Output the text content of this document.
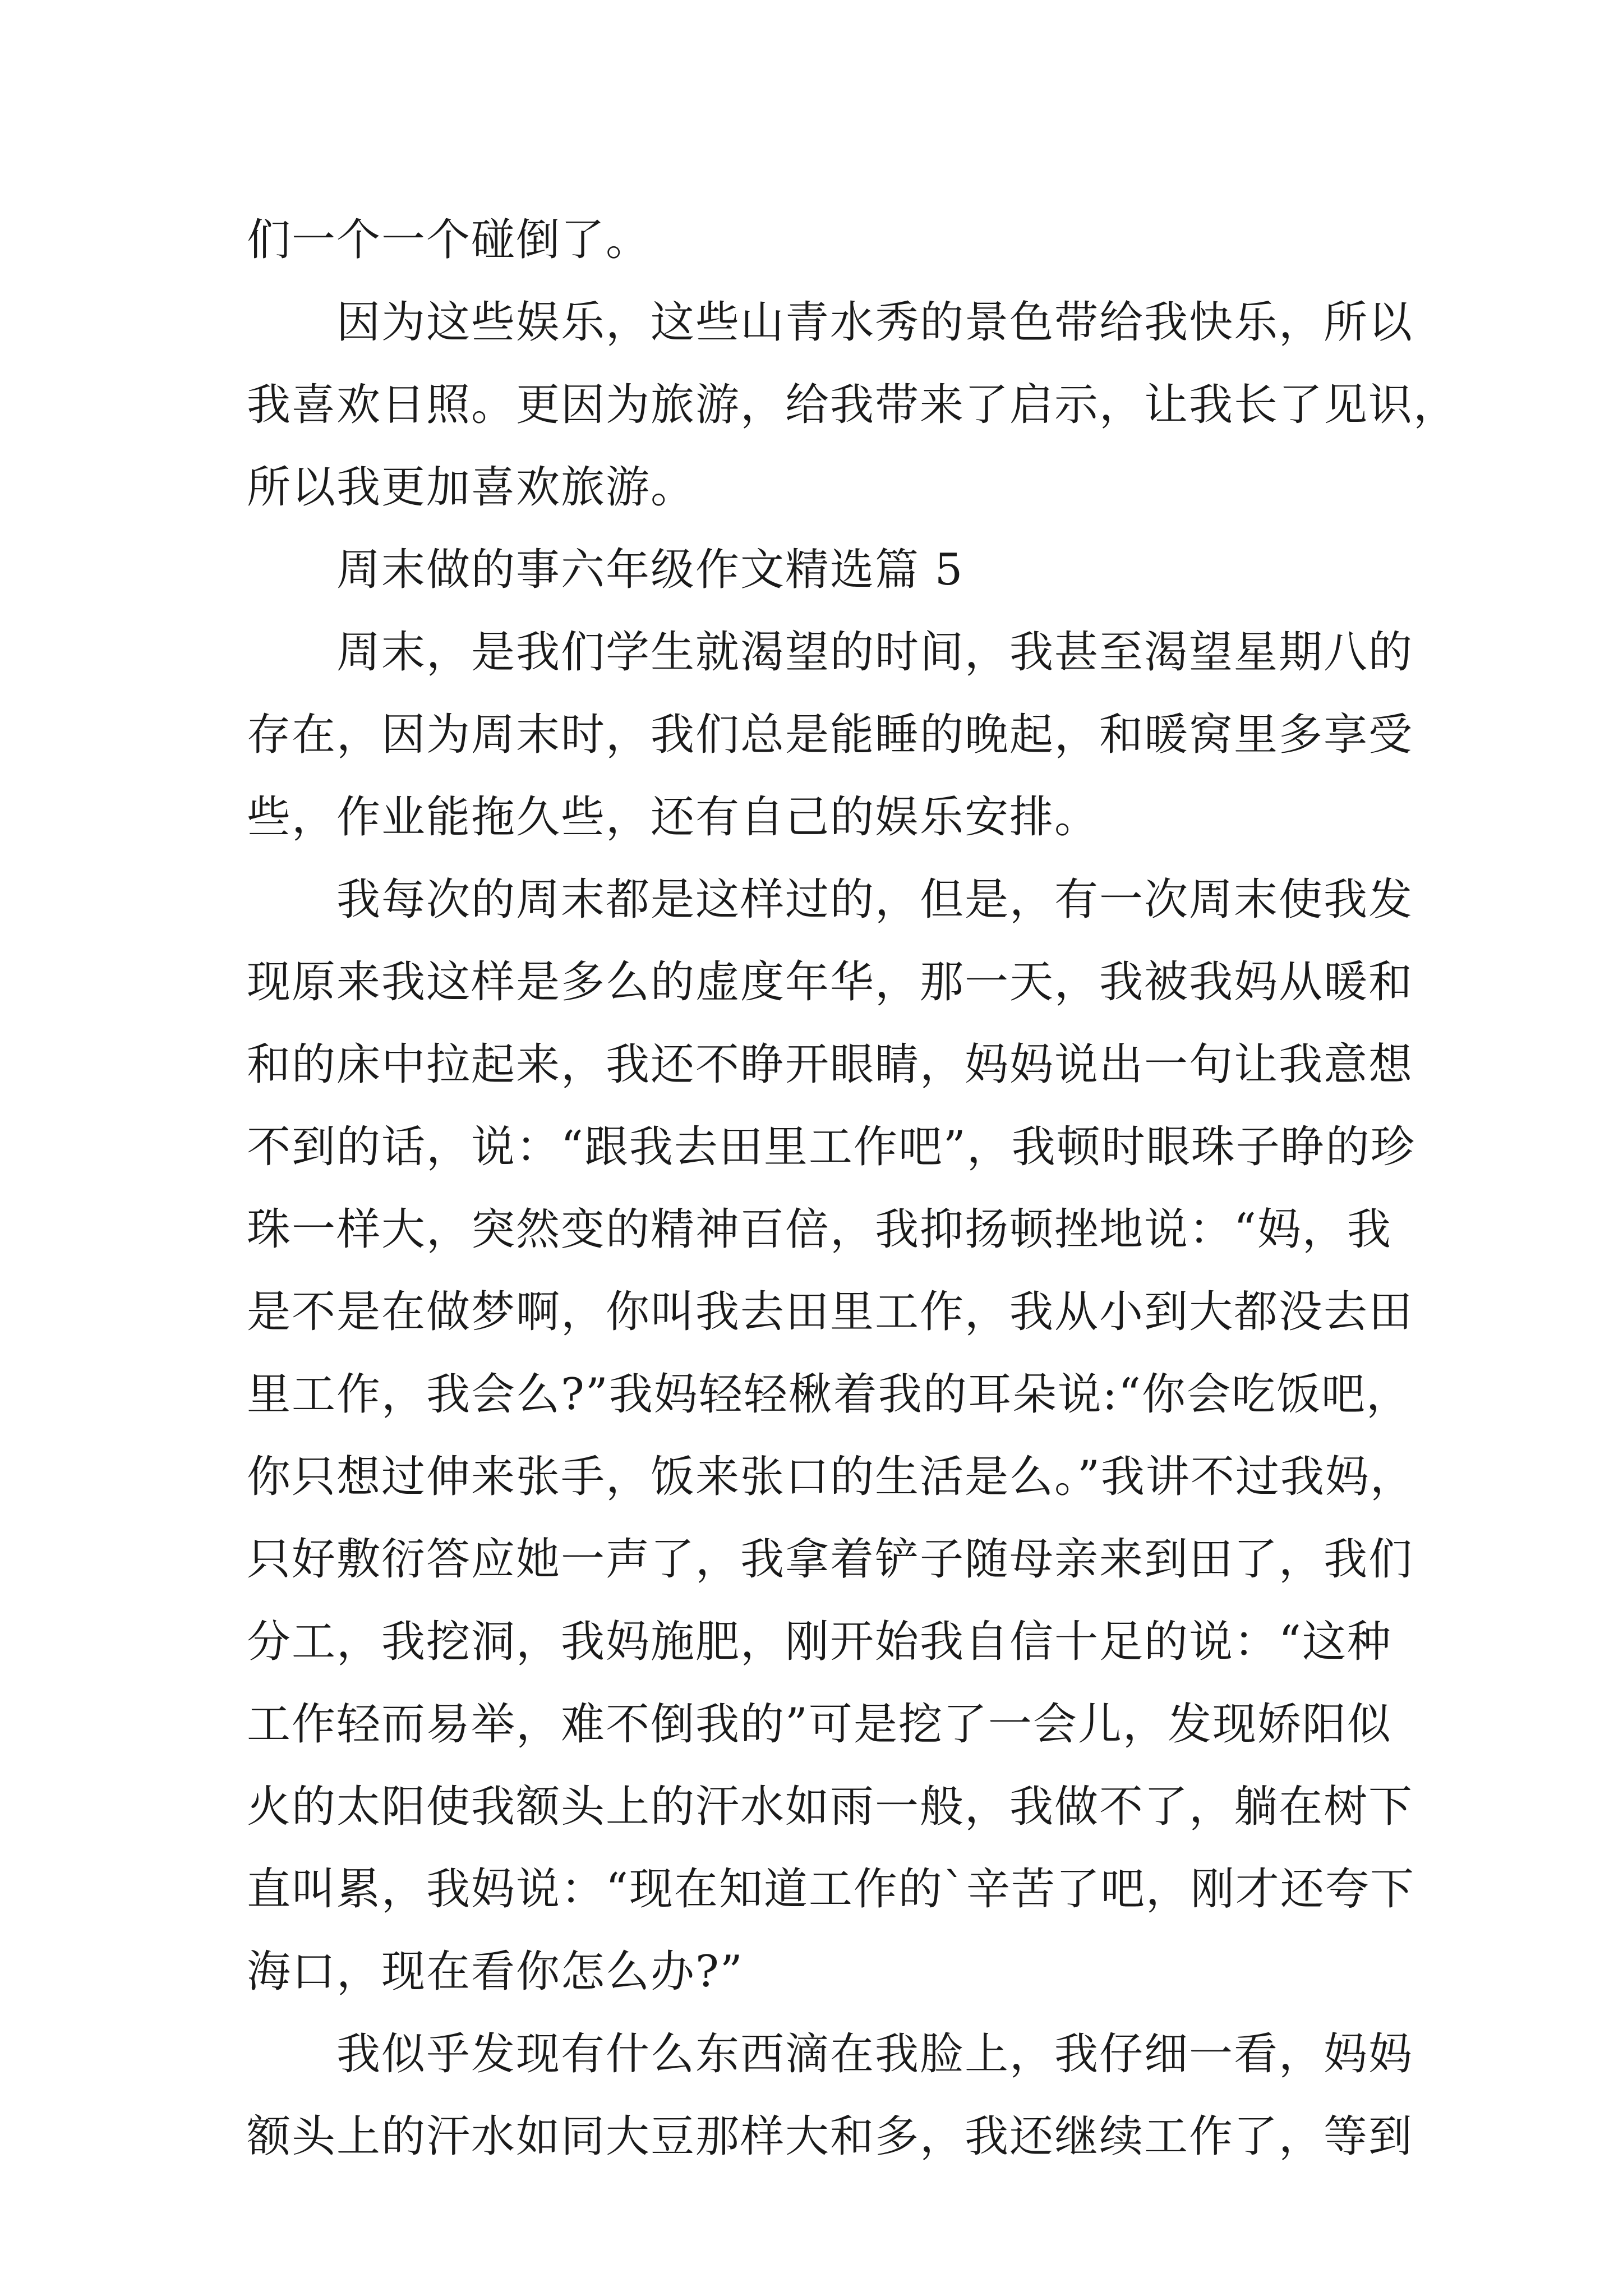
们一个一个碰倒了。
因为这些娱乐，这些山青水秀的景色带给我快乐，所以
我喜欢日照。更因为旅游，给我带来了启示，让我长了见识，
所以我更加喜欢旅游。
周末做的事六年级作文精选篇 5
周末，是我们学生就渴望的时间，我甚至渴望星期八的
存在，因为周末时，我们总是能睡的晚起，和暖窝里多享受
些，作业能拖久些，还有自己的娱乐安排。
我每次的周末都是这样过的，但是，有一次周末使我发
现原来我这样是多么的虚度年华，那一天，我被我妈从暖和
和的床中拉起来，我还不睁开眼睛，妈妈说出一句让我意想
不到的话，说：“跟我去田里工作吧”，我顿时眼珠子睁的珍
珠一样大，突然变的精神百倍，我抑扬顿挫地说：“妈，我
是不是在做梦啊，你叫我去田里工作，我从小到大都没去田
里工作，我会么?”我妈轻轻楸着我的耳朵说:“你会吃饭吧，
你只想过伸来张手，饭来张口的生活是么。”我讲不过我妈，
只好敷衍答应她一声了，我拿着铲子随母亲来到田了，我们
分工，我挖洞，我妈施肥，刚开始我自信十足的说：“这种
工作轻而易举，难不倒我的”可是挖了一会儿，发现娇阳似
火的太阳使我额头上的汗水如雨一般，我做不了，躺在树下
直叫累，我妈说：“现在知道工作的`辛苦了吧，刚才还夸下
海口，现在看你怎么办?”
我似乎发现有什么东西滴在我脸上，我仔细一看，妈妈
额头上的汗水如同大豆那样大和多，我还继续工作了，等到
